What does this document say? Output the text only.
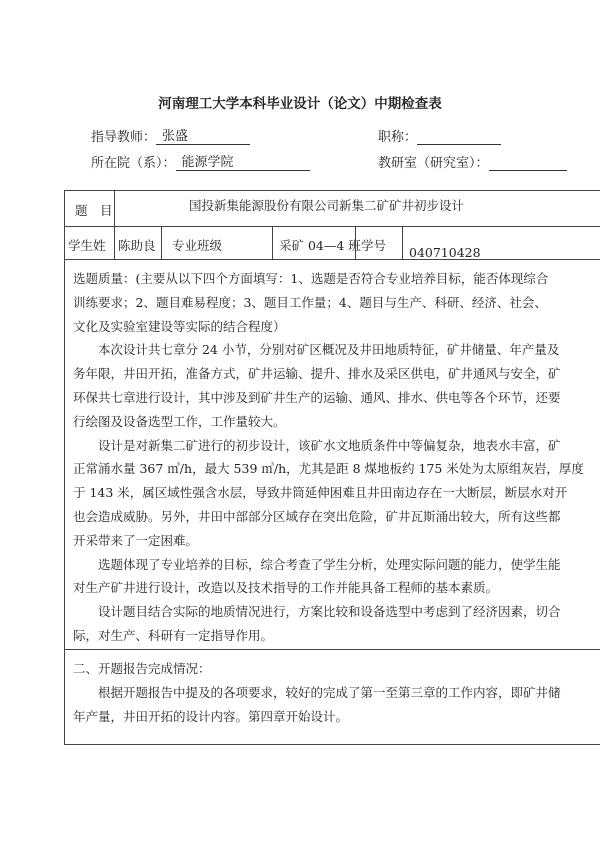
河南理工大学本科毕业设计（论文）中期检查表
指导教师： 张盛	职称：
所在院（系）： 能源学院	教研室（研究室）：
题　目	国投新集能源股份有限公司新集二矿矿井初步设计
学生姓 陈助良 专业班级	采矿 04—4 班 学号 040710428
选题质量：(主要从以下四个方面填写：1、选题是否符合专业培养目标，能否体现综合
训练要求；2、题目难易程度；3、题目工作量；4、题目与生产、科研、经济、社会、
文化及实验室建设等实际的结合程度）
　　本次设计共七章分 24 小节，分别对矿区概况及井田地质特征，矿井储量、年产量及
务年限，井田开拓，准备方式，矿井运输、提升、排水及采区供电，矿井通风与安全，矿
环保共七章进行设计，其中涉及到矿井生产的运输、通风、排水、供电等各个环节，还要
行绘图及设备选型工作，工作量较大。
　　设计是对新集二矿进行的初步设计，该矿水文地质条件中等偏复杂，地表水丰富，矿
正常涌水量 367 ㎥/h，最大 539 ㎥/h，尤其是距 8 煤地板约 175 米处为太原组灰岩，厚度
于 143 米，属区域性强含水层，导致井筒延伸困难且井田南边存在一大断层，断层水对开
也会造成威胁。另外，井田中部部分区域存在突出危险，矿井瓦斯涌出较大，所有这些都
开采带来了一定困难。
　　选题体现了专业培养的目标，综合考查了学生分析，处理实际问题的能力，使学生能
对生产矿井进行设计，改造以及技术指导的工作并能具备工程师的基本素质。
　　设计题目结合实际的地质情况进行，方案比较和设备选型中考虑到了经济因素，切合
际，对生产、科研有一定指导作用。
二、开题报告完成情况：
　　根据开题报告中提及的各项要求，较好的完成了第一至第三章的工作内容，即矿井储
年产量，井田开拓的设计内容。第四章开始设计。
